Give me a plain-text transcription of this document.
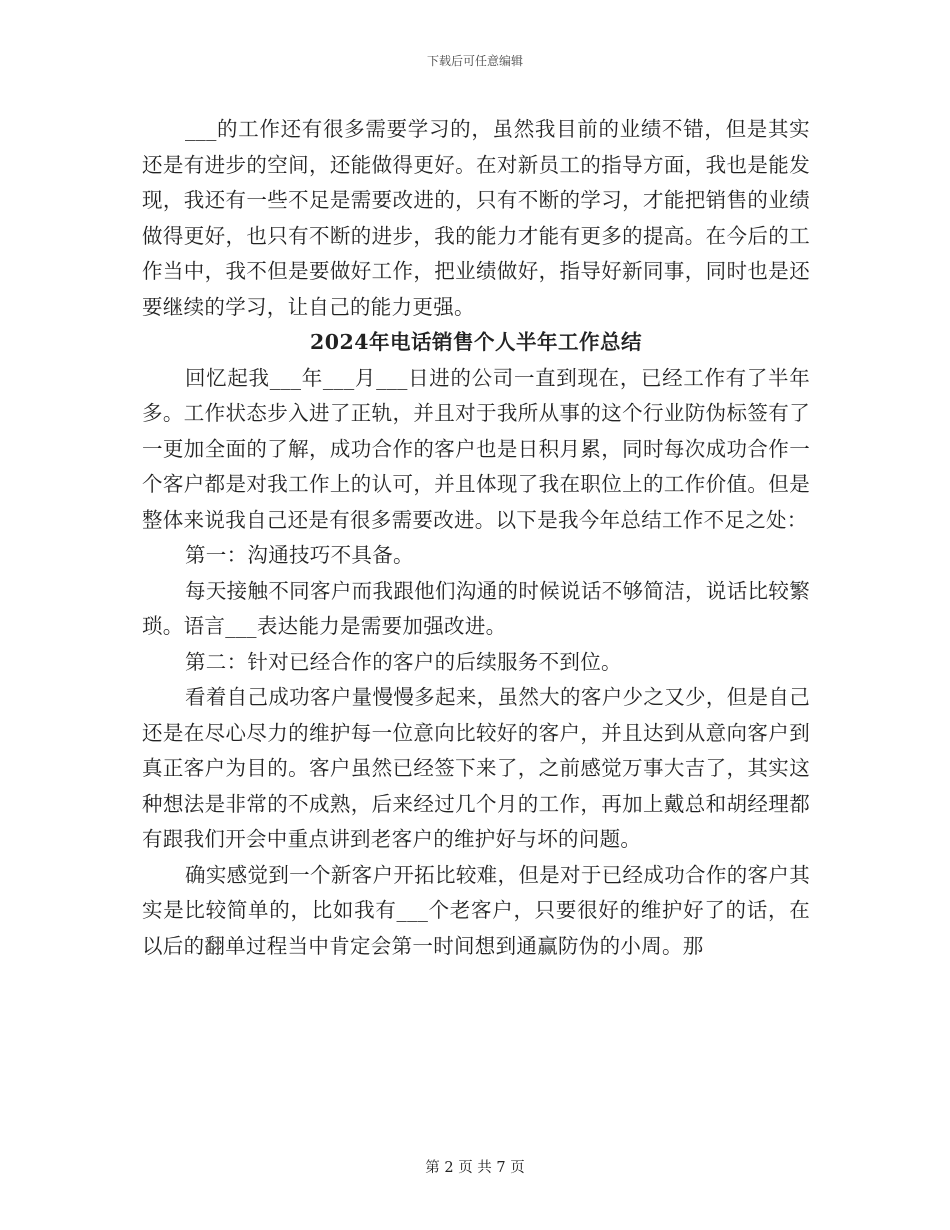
下载后可任意编辑

___的工作还有很多需要学习的，虽然我目前的业绩不错，但是其实还是有进步的空间，还能做得更好。在对新员工的指导方面，我也是能发现，我还有一些不足是需要改进的，只有不断的学习，才能把销售的业绩做得更好，也只有不断的进步，我的能力才能有更多的提高。在今后的工作当中，我不但是要做好工作，把业绩做好，指导好新同事，同时也是还要继续的学习，让自己的能力更强。

2024年电话销售个人半年工作总结

回忆起我___年___月___日进的公司一直到现在，已经工作有了半年多。工作状态步入进了正轨，并且对于我所从事的这个行业防伪标签有了一更加全面的了解，成功合作的客户也是日积月累，同时每次成功合作一个客户都是对我工作上的认可，并且体现了我在职位上的工作价值。但是整体来说我自己还是有很多需要改进。以下是我今年总结工作不足之处：

第一：沟通技巧不具备。

每天接触不同客户而我跟他们沟通的时候说话不够简洁，说话比较繁琐。语言___表达能力是需要加强改进。

第二：针对已经合作的客户的后续服务不到位。

看着自己成功客户量慢慢多起来，虽然大的客户少之又少，但是自己还是在尽心尽力的维护每一位意向比较好的客户，并且达到从意向客户到真正客户为目的。客户虽然已经签下来了，之前感觉万事大吉了，其实这种想法是非常的不成熟，后来经过几个月的工作，再加上戴总和胡经理都有跟我们开会中重点讲到老客户的维护好与坏的问题。

确实感觉到一个新客户开拓比较难，但是对于已经成功合作的客户其实是比较简单的，比如我有___个老客户，只要很好的维护好了的话，在以后的翻单过程当中肯定会第一时间想到通赢防伪的小周。那

第 2 页 共 7 页
